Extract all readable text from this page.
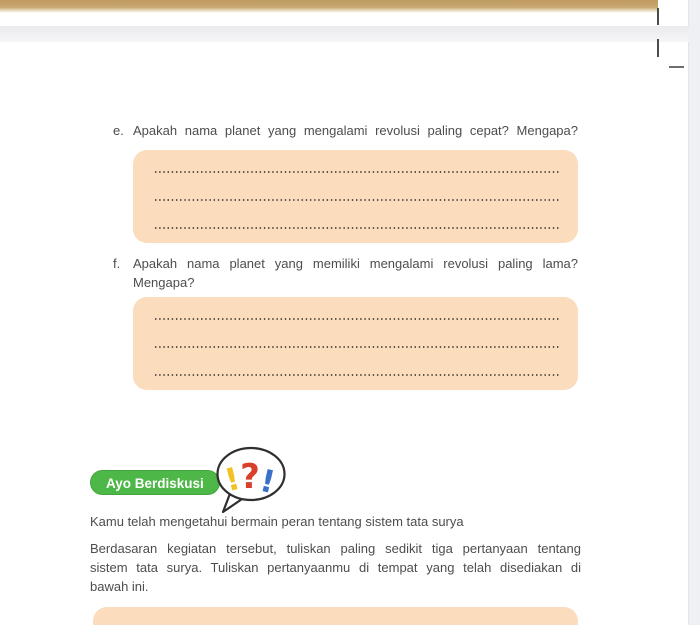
e. Apakah nama planet yang mengalami revolusi paling cepat? Mengapa?
f. Apakah nama planet yang memiliki mengalami revolusi paling lama?
Mengapa?
Ayo Berdiskusi !
?
!
Kamu telah mengetahui bermain peran tentang sistem tata surya
Berdasaran kegiatan tersebut, tuliskan paling sedikit tiga pertanyaan tentang
sistem tata surya. Tuliskan pertanyaanmu di tempat yang telah disediakan di
bawah ini.
